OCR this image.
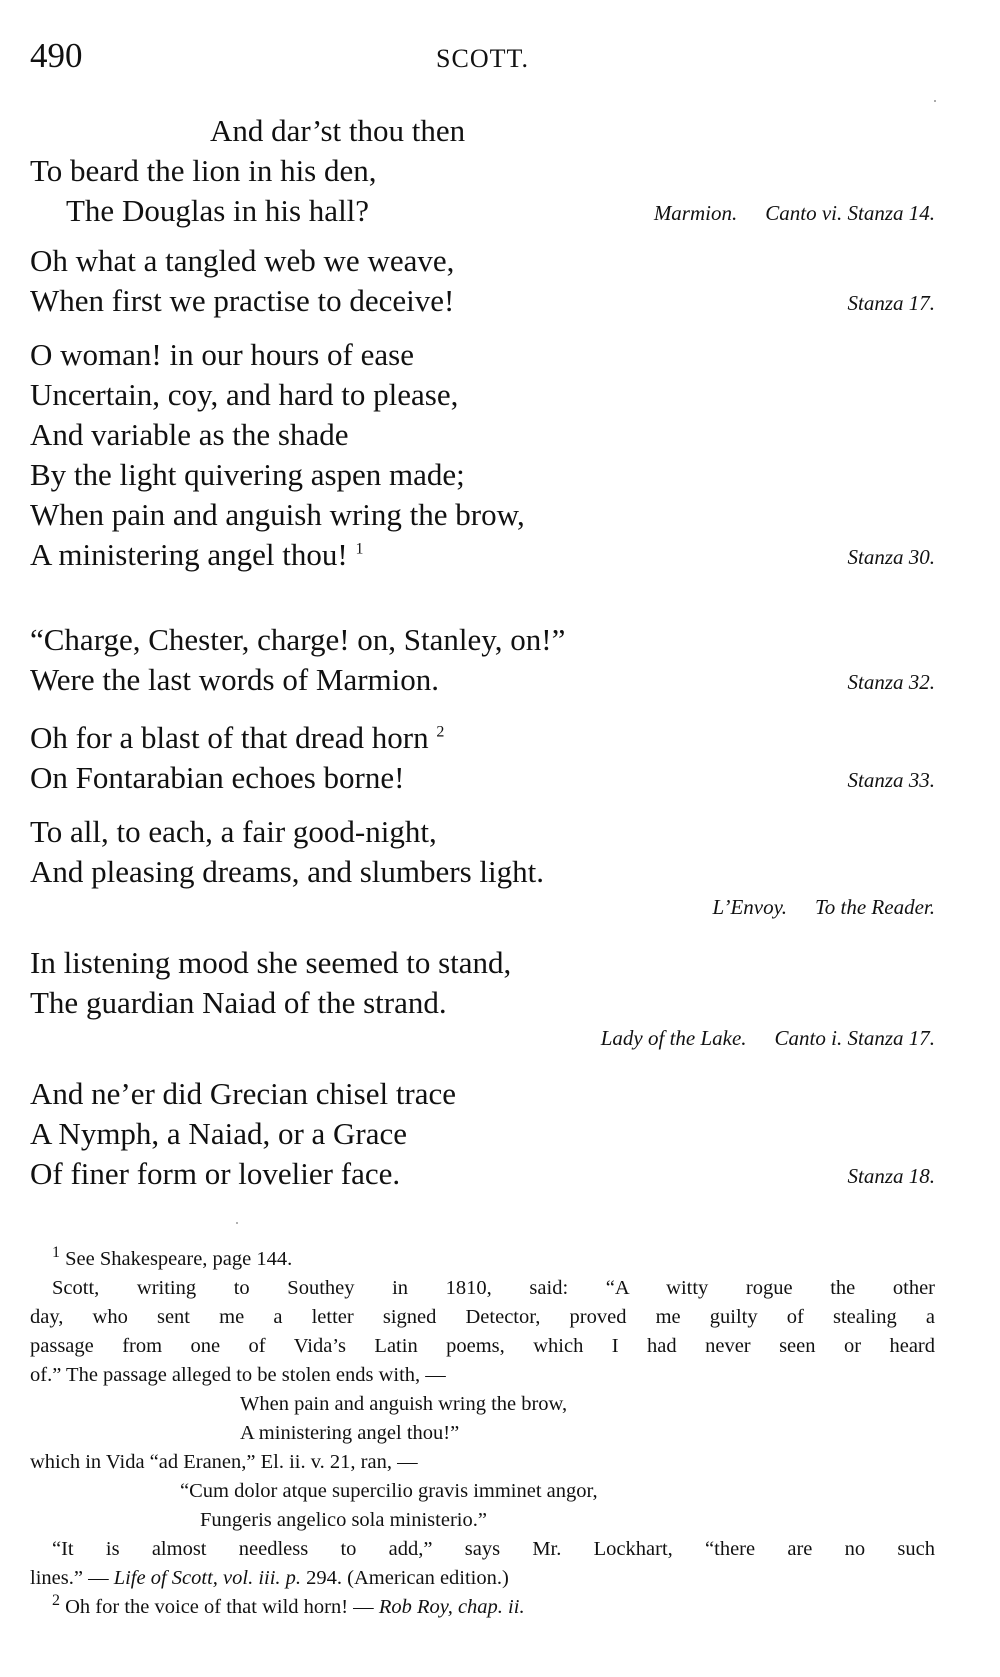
490	SCOTT.
And dar’st thou then
To beard the lion in his den,
The Douglas in his hall?	Marmion. Canto vi. Stanza 14.
Oh what a tangled web we weave,
When first we practise to deceive!	Stanza 17.
O woman! in our hours of ease
Uncertain, coy, and hard to please,
And variable as the shade
By the light quivering aspen made;
When pain and anguish wring the brow,
A ministering angel thou! $^1$	Stanza 30.
“Charge, Chester, charge! on, Stanley, on!”
Were the last words of Marmion.	Stanza 32.
Oh for a blast of that dread horn $^2$
On Fontarabian echoes borne!	Stanza 33.
To all, to each, a fair good-night,
And pleasing dreams, and slumbers light.
L’Envoy. To the Reader.
In listening mood she seemed to stand,
The guardian Naiad of the strand.
Lady of the Lake. Canto i. Stanza 17.
And ne’er did Grecian chisel trace
A Nymph, a Naiad, or a Grace
Of finer form or lovelier face.	Stanza 18.

$^1$ See Shakespeare, page 144.

Scott, writing to Southey in 1810, said: “A witty rogue the other

day, who sent me a letter signed Detector, proved me guilty of stealing a

passage from one of Vida’s Latin poems, which I had never seen or heard

of.” The passage alleged to be stolen ends with, —

When pain and anguish wring the brow,

A ministering angel thou!”

which in Vida “ad Eranen,” El. ii. v. 21, ran, —

“Cum dolor atque supercilio gravis imminet angor,

Fungeris angelico sola ministerio.”

“It is almost needless to add,” says Mr. Lockhart, “there are no such

lines.” — Life of Scott, vol. iii. p. 294. (American edition.)

$^2$ Oh for the voice of that wild horn! — Rob Roy, chap. ii.
